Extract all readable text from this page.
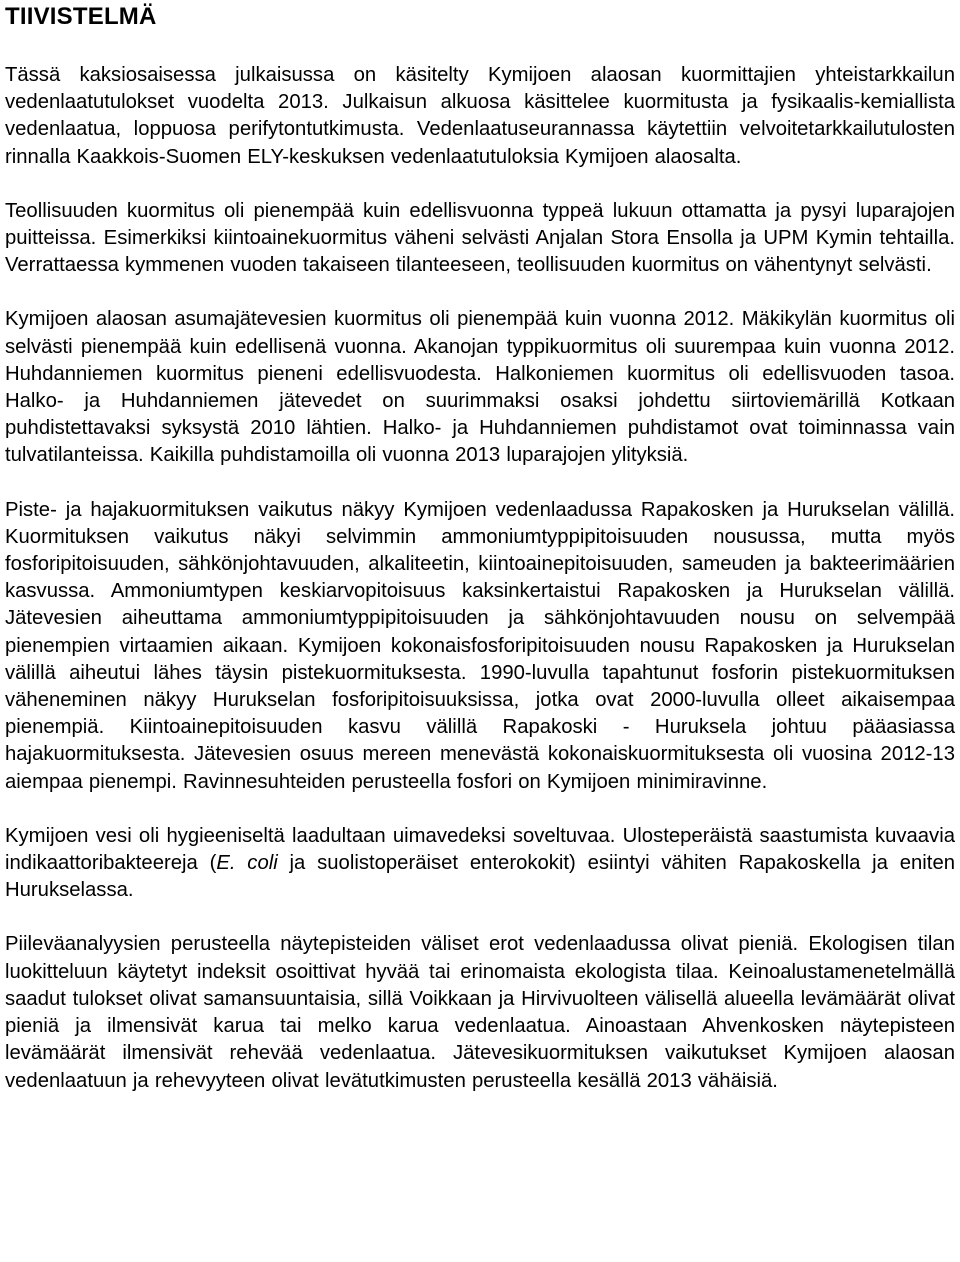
TIIVISTELMÄ

Tässä kaksiosaisessa julkaisussa on käsitelty Kymijoen alaosan kuormittajien yhteistarkkailun vedenlaatutulokset vuodelta 2013. Julkaisun alkuosa käsittelee kuormitusta ja fysikaalis-kemiallista vedenlaatua, loppuosa perifytontutkimusta. Vedenlaatuseurannassa käytettiin velvoitetarkkailutulosten rinnalla Kaakkois-Suomen ELY-keskuksen vedenlaatutuloksia Kymijoen alaosalta.

Teollisuuden kuormitus oli pienempää kuin edellisvuonna typpeä lukuun ottamatta ja pysyi luparajojen puitteissa. Esimerkiksi kiintoainekuormitus väheni selvästi Anjalan Stora Ensolla ja UPM Kymin tehtailla. Verrattaessa kymmenen vuoden takaiseen tilanteeseen, teollisuuden kuormitus on vähentynyt selvästi.

Kymijoen alaosan asumajätevesien kuormitus oli pienempää kuin vuonna 2012. Mäkikylän kuormitus oli selvästi pienempää kuin edellisenä vuonna. Akanojan typpikuormitus oli suurempaa kuin vuonna 2012. Huhdanniemen kuormitus pieneni edellisvuodesta. Halkoniemen kuormitus oli edellisvuoden tasoa. Halko- ja Huhdanniemen jätevedet on suurimmaksi osaksi johdettu siirtoviemärillä Kotkaan puhdistettavaksi syksystä 2010 lähtien. Halko- ja Huhdanniemen puhdistamot ovat toiminnassa vain tulvatilanteissa. Kaikilla puhdistamoilla oli vuonna 2013 luparajojen ylityksiä.

Piste- ja hajakuormituksen vaikutus näkyy Kymijoen vedenlaadussa Rapakosken ja Hurukselan välillä. Kuormituksen vaikutus näkyi selvimmin ammoniumtyppipitoisuuden nousussa, mutta myös fosforipitoisuuden, sähkönjohtavuuden, alkaliteetin, kiintoainepitoisuuden, sameuden ja bakteerimäärien kasvussa. Ammoniumtypen keskiarvopitoisuus kaksinkertaistui Rapakosken ja Hurukselan välillä. Jätevesien aiheuttama ammoniumtyppipitoisuuden ja sähkönjohtavuuden nousu on selvempää pienempien virtaamien aikaan. Kymijoen kokonaisfosforipitoisuuden nousu Rapakosken ja Hurukselan välillä aiheutui lähes täysin pistekuormituksesta. 1990-luvulla tapahtunut fosforin pistekuormituksen väheneminen näkyy Hurukselan fosforipitoisuuksissa, jotka ovat 2000-luvulla olleet aikaisempaa pienempiä. Kiintoainepitoisuuden kasvu välillä Rapakoski - Huruksela johtuu pääasiassa hajakuormituksesta. Jätevesien osuus mereen menevästä kokonaiskuormituksesta oli vuosina 2012-13 aiempaa pienempi. Ravinnesuhteiden perusteella fosfori on Kymijoen minimiravinne.

Kymijoen vesi oli hygieeniseltä laadultaan uimavedeksi soveltuvaa. Ulosteperäistä saastumista kuvaavia indikaattoribakteereja (E. coli ja suolistoperäiset enterokokit) esiintyi vähiten Rapakoskella ja eniten Hurukselassa.

Piileväanalyysien perusteella näytepisteiden väliset erot vedenlaadussa olivat pieniä. Ekologisen tilan luokitteluun käytetyt indeksit osoittivat hyvää tai erinomaista ekologista tilaa. Keinoalustamenetelmällä saadut tulokset olivat samansuuntaisia, sillä Voikkaan ja Hirvivuolteen välisellä alueella levämäärät olivat pieniä ja ilmensivät karua tai melko karua vedenlaatua. Ainoastaan Ahvenkosken näytepisteen levämäärät ilmensivät rehevää vedenlaatua. Jätevesikuormituksen vaikutukset Kymijoen alaosan vedenlaatuun ja rehevyyteen olivat levätutkimusten perusteella kesällä 2013 vähäisiä.
